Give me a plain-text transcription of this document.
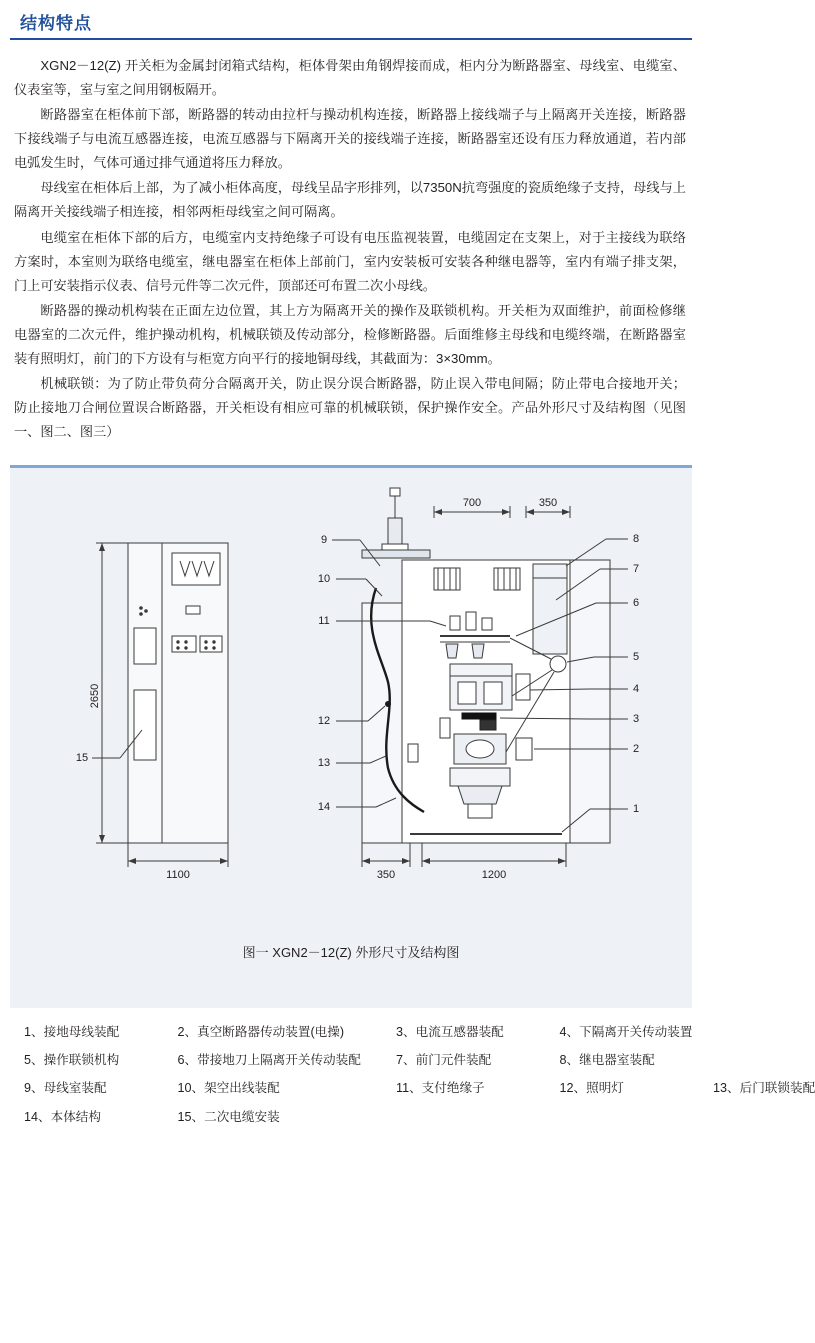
结构特点

XGN2－12(Z) 开关柜为金属封闭箱式结构，柜体骨架由角钢焊接而成，柜内分为断路器室、母线室、电缆室、仪表室等，室与室之间用钢板隔开。

断路器室在柜体前下部，断路器的转动由拉杆与操动机构连接，断路器上接线端子与上隔离开关连接，断路器下接线端子与电流互感器连接，电流互感器与下隔离开关的接线端子连接，断路器室还设有压力释放通道，若内部电弧发生时，气体可通过排气通道将压力释放。

母线室在柜体后上部，为了减小柜体高度，母线呈品字形排列，以7350N抗弯强度的瓷质绝缘子支持，母线与上隔离开关接线端子相连接，相邻两柜母线室之间可隔离。

电缆室在柜体下部的后方，电缆室内支持绝缘子可设有电压监视装置，电缆固定在支架上，对于主接线为联络方案时，本室则为联络电缆室，继电器室在柜体上部前门，室内安装板可安装各种继电器等，室内有端子排支架，门上可安装指示仪表、信号元件等二次元件，顶部还可布置二次小母线。

断路器的操动机构装在正面左边位置，其上方为隔离开关的操作及联锁机构。开关柜为双面维护，前面检修继电器室的二次元件，维护操动机构，机械联锁及传动部分，检修断路器。后面维修主母线和电缆终端，在断路器室装有照明灯，前门的下方设有与柜宽方向平行的接地铜母线，其截面为：3×30mm。

机械联锁：为了防止带负荷分合隔离开关，防止误分误合断路器，防止误入带电间隔；防止带电合接地开关；防止接地刀合闸位置误合断路器，开关柜设有相应可靠的机械联锁，保护操作安全。产品外形尺寸及结构图（见图一、图二、图三）

2650
1100
15
700	350
350	1200
9
10
11
12
13
14
8
7
6
5
4
3
2
1
图一 XGN2－12(Z) 外形尺寸及结构图
1、接地母线装配	2、真空断路器传动装置(电操)	3、电流互感器装配	4、下隔离开关传动装置
5、操作联锁机构	6、带接地刀上隔离开关传动装配	7、前门元件装配	8、继电器室装配
9、母线室装配	10、架空出线装配	11、支付绝缘子	12、照明灯	13、后门联锁装配
14、本体结构	15、二次电缆安装
